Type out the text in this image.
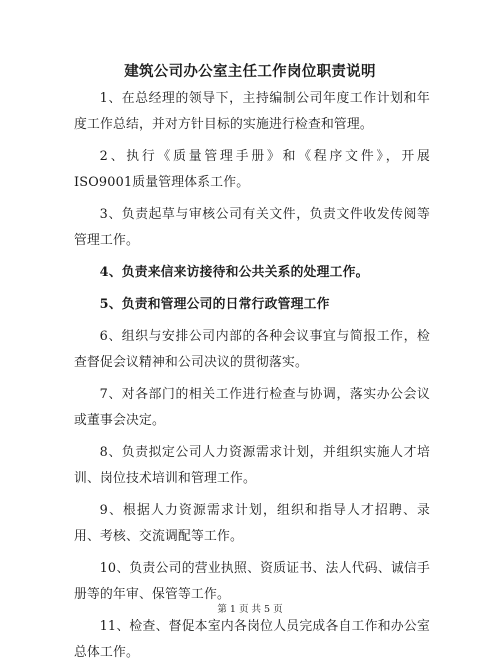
建筑公司办公室主任工作岗位职责说明

1、在总经理的领导下，主持编制公司年度工作计划和年度工作总结，并对方针目标的实施进行检查和管理。

2、执行《质量管理手册》和《程序文件》，开展ISO9001质量管理体系工作。

3、负责起草与审核公司有关文件，负责文件收发传阅等管理工作。

4、负责来信来访接待和公共关系的处理工作。

5、负责和管理公司的日常行政管理工作

6、组织与安排公司内部的各种会议事宜与简报工作，检查督促会议精神和公司决议的贯彻落实。

7、对各部门的相关工作进行检查与协调，落实办公会议或董事会决定。

8、负责拟定公司人力资源需求计划，并组织实施人才培训、岗位技术培训和管理工作。

9、根据人力资源需求计划，组织和指导人才招聘、录用、考核、交流调配等工作。

10、负责公司的营业执照、资质证书、法人代码、诚信手册等的年审、保管等工作。

11、检查、督促本室内各岗位人员完成各自工作和办公室总体工作。

第 1 页 共 5 页
